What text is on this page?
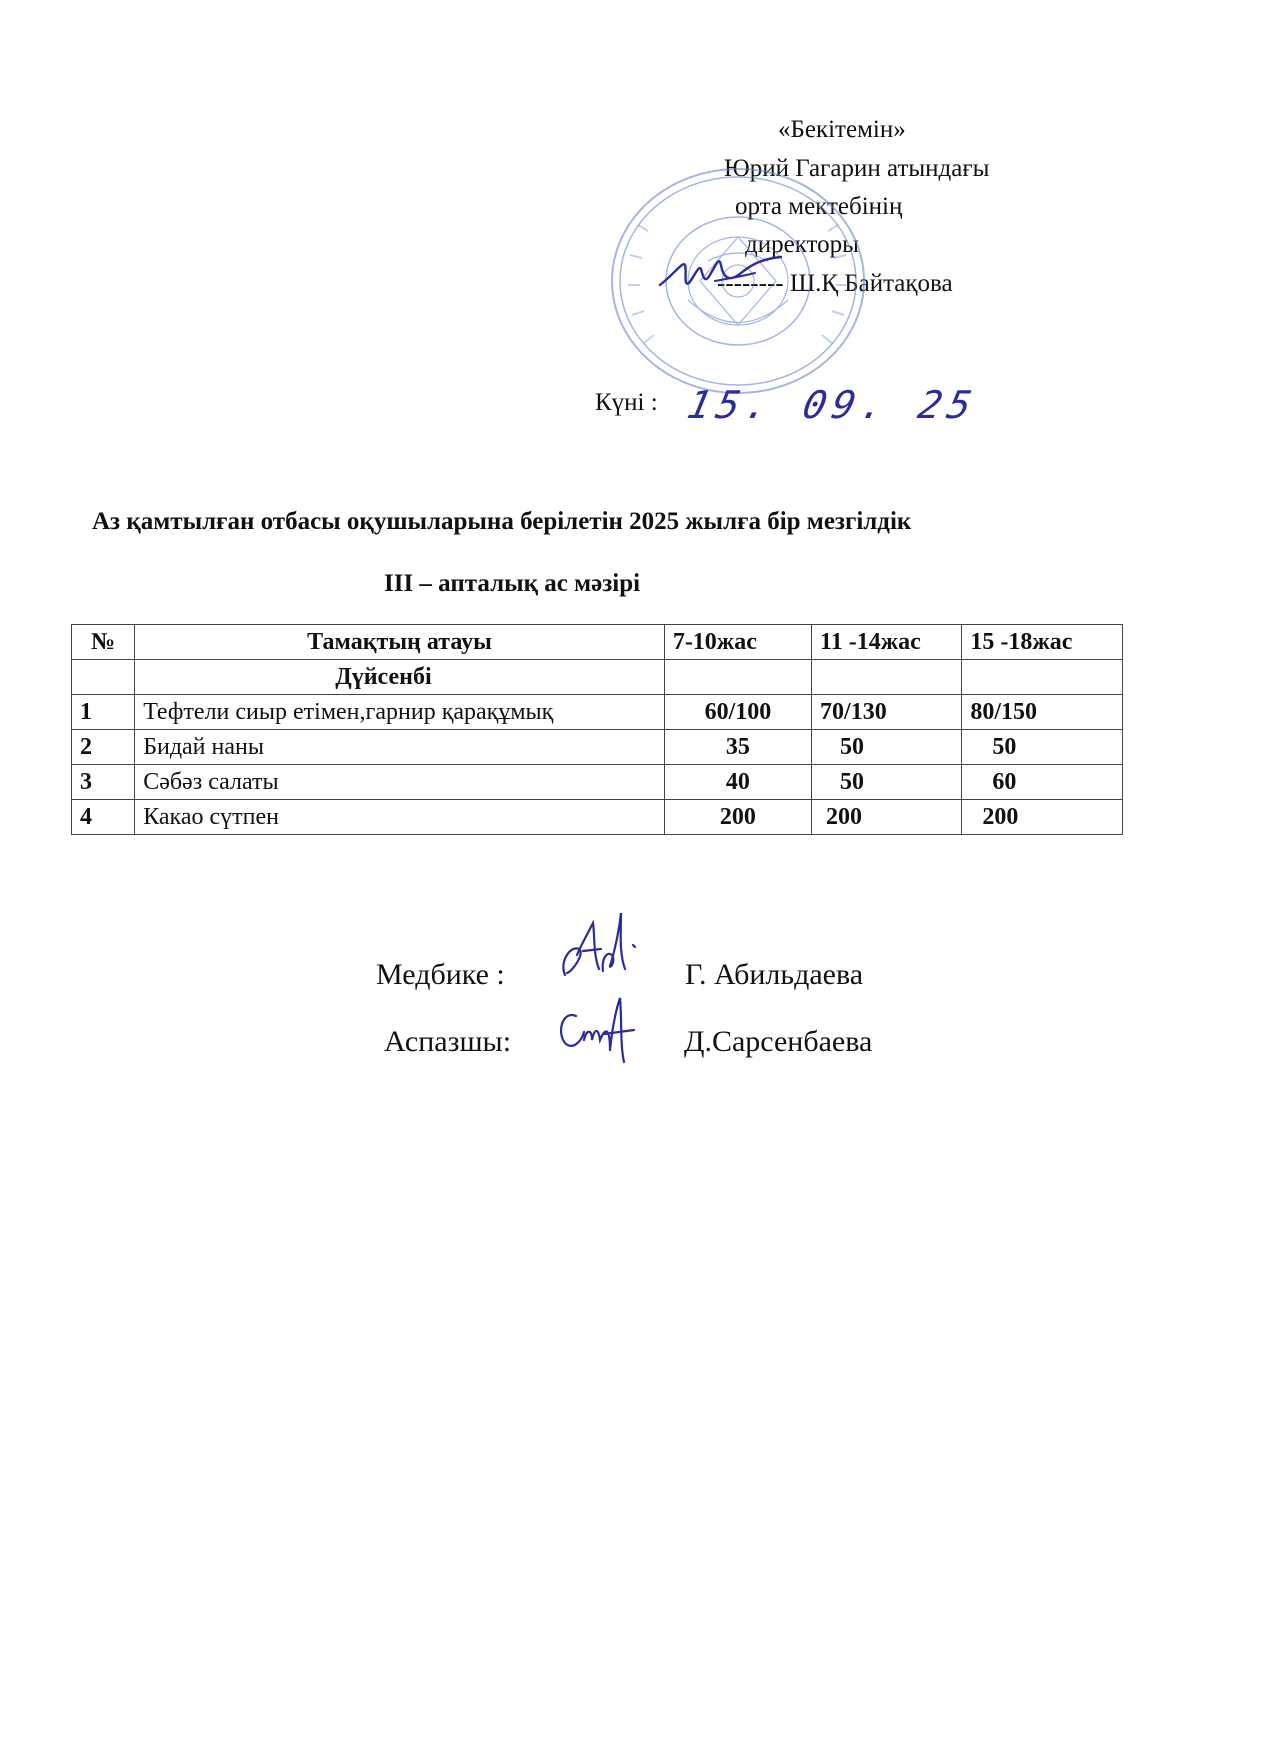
«Бекітемін»
Юрий Гагарин атындағы
орта мектебінің
директоры
-------- Ш.Қ Байтақова
Күні : 15. 09. 25
Аз қамтылған отбасы оқушыларына берілетін 2025 жылға бір мезгілдік
ІІІ – апталық ас мәзірі
№	Тамақтың атауы	7-10жас	11 -14жас	15 -18жас
	Дүйсенбі			
1	Тефтели сиыр етімен,гарнир қарақұмық	60/100	70/130	80/150
2	Бидай наны	35	50	50
3	Сәбәз салаты	40	50	60
4	Какао сүтпен	200	200	200
Медбике :	Г. Абильдаева
Аспазшы:	Д.Сарсенбаева
